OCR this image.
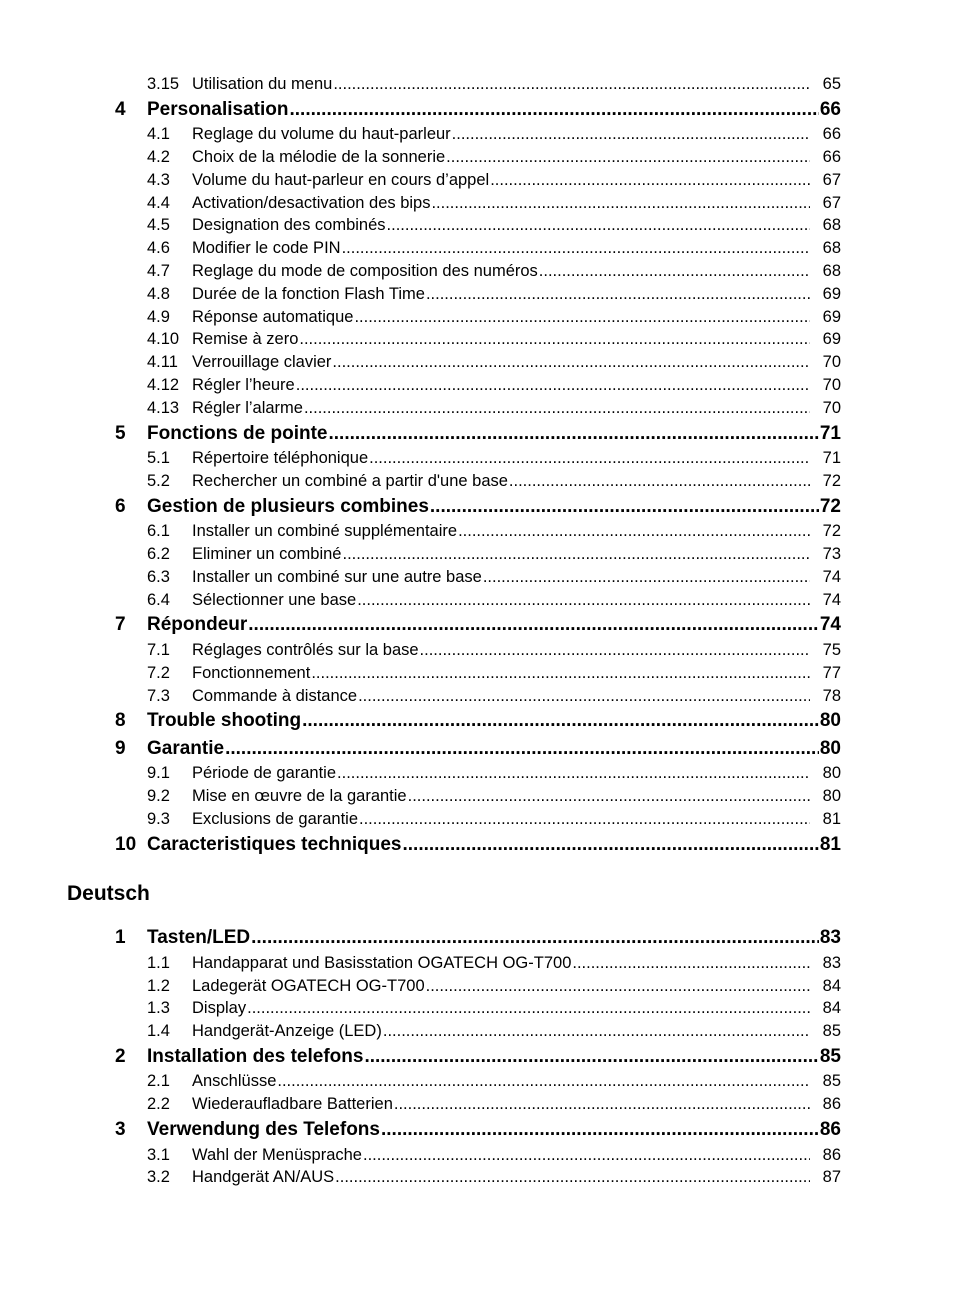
3.15 Utilisation du menu .....	65
4 Personalisation .....	66
4.1 Reglage du volume du haut-parleur .....	66
4.2 Choix de la mélodie de la sonnerie .....	66
4.3 Volume du haut-parleur en cours d’appel .....	67
4.4 Activation/desactivation des bips .....	67
4.5 Designation des combinés .....	68
4.6 Modifier le code PIN .....	68
4.7 Reglage du mode de composition des numéros .....	68
4.8 Durée de la fonction Flash Time .....	69
4.9 Réponse automatique .....	69
4.10 Remise à zero .....	69
4.11 Verrouillage clavier .....	70
4.12 Régler l’heure .....	70
4.13 Régler l’alarme .....	70
5 Fonctions de pointe .....	71
5.1 Répertoire téléphonique .....	71
5.2 Rechercher un combiné a partir d'une base .....	72
6 Gestion de plusieurs combines .....	72
6.1 Installer un combiné supplémentaire .....	72
6.2 Eliminer un combiné .....	73
6.3 Installer un combiné sur une autre base .....	74
6.4 Sélectionner une base .....	74
7 Répondeur .....	74
7.1 Réglages contrôlés sur la base .....	75
7.2 Fonctionnement .....	77
7.3 Commande à distance .....	78
8 Trouble shooting .....	80
9 Garantie .....	80
9.1 Période de garantie .....	80
9.2 Mise en œuvre de la garantie .....	80
9.3 Exclusions de garantie .....	81
10 Caracteristiques techniques .....	81
Deutsch
1 Tasten/LED .....	83
1.1 Handapparat und Basisstation OGATECH OG-T700 .....	83
1.2 Ladegerät OGATECH OG-T700 .....	84
1.3 Display .....	84
1.4 Handgerät-Anzeige (LED) .....	85
2 Installation des telefons .....	85
2.1 Anschlüsse .....	85
2.2 Wiederaufladbare Batterien .....	86
3 Verwendung des Telefons .....	86
3.1 Wahl der Menüsprache .....	86
3.2 Handgerät AN/AUS .....	87
